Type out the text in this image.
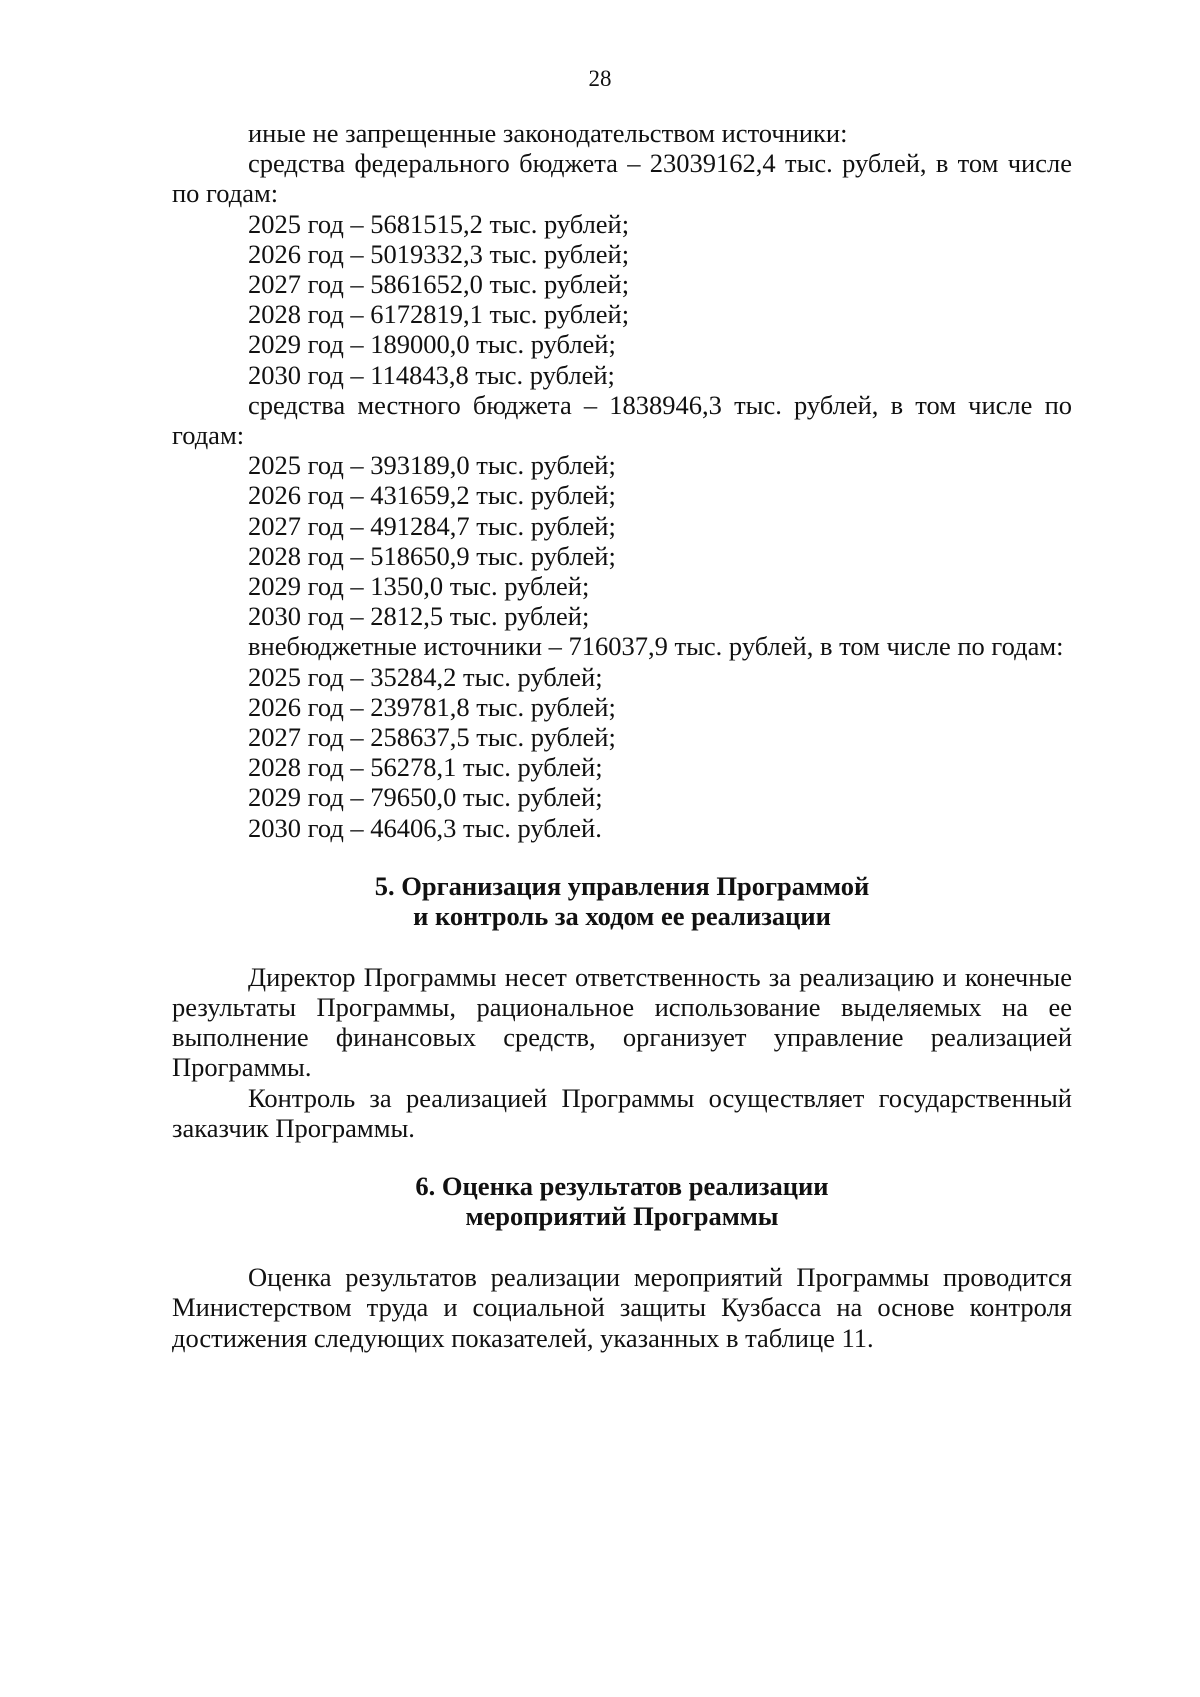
28
иные не запрещенные законодательством источники:
средства федерального бюджета – 23039162,4 тыс. рублей, в том числе
по годам:
2025 год – 5681515,2 тыс. рублей;
2026 год – 5019332,3 тыс. рублей;
2027 год – 5861652,0 тыс. рублей;
2028 год – 6172819,1 тыс. рублей;
2029 год – 189000,0 тыс. рублей;
2030 год – 114843,8 тыс. рублей;
средства местного бюджета – 1838946,3 тыс. рублей, в том числе по
годам:
2025 год – 393189,0 тыс. рублей;
2026 год – 431659,2 тыс. рублей;
2027 год – 491284,7 тыс. рублей;
2028 год – 518650,9 тыс. рублей;
2029 год – 1350,0 тыс. рублей;
2030 год – 2812,5 тыс. рублей;
внебюджетные источники – 716037,9 тыс. рублей, в том числе по годам:
2025 год – 35284,2 тыс. рублей;
2026 год – 239781,8 тыс. рублей;
2027 год – 258637,5 тыс. рублей;
2028 год – 56278,1 тыс. рублей;
2029 год – 79650,0 тыс. рублей;
2030 год – 46406,3 тыс. рублей.
5. Организация управления Программой
и контроль за ходом ее реализации
Директор Программы несет ответственность за реализацию и конечные
результаты Программы, рациональное использование выделяемых на ее
выполнение финансовых средств, организует управление реализацией
Программы.
Контроль за реализацией Программы осуществляет государственный
заказчик Программы.
6. Оценка результатов реализации
мероприятий Программы
Оценка результатов реализации мероприятий Программы проводится
Министерством труда и социальной защиты Кузбасса на основе контроля
достижения следующих показателей, указанных в таблице 11.
